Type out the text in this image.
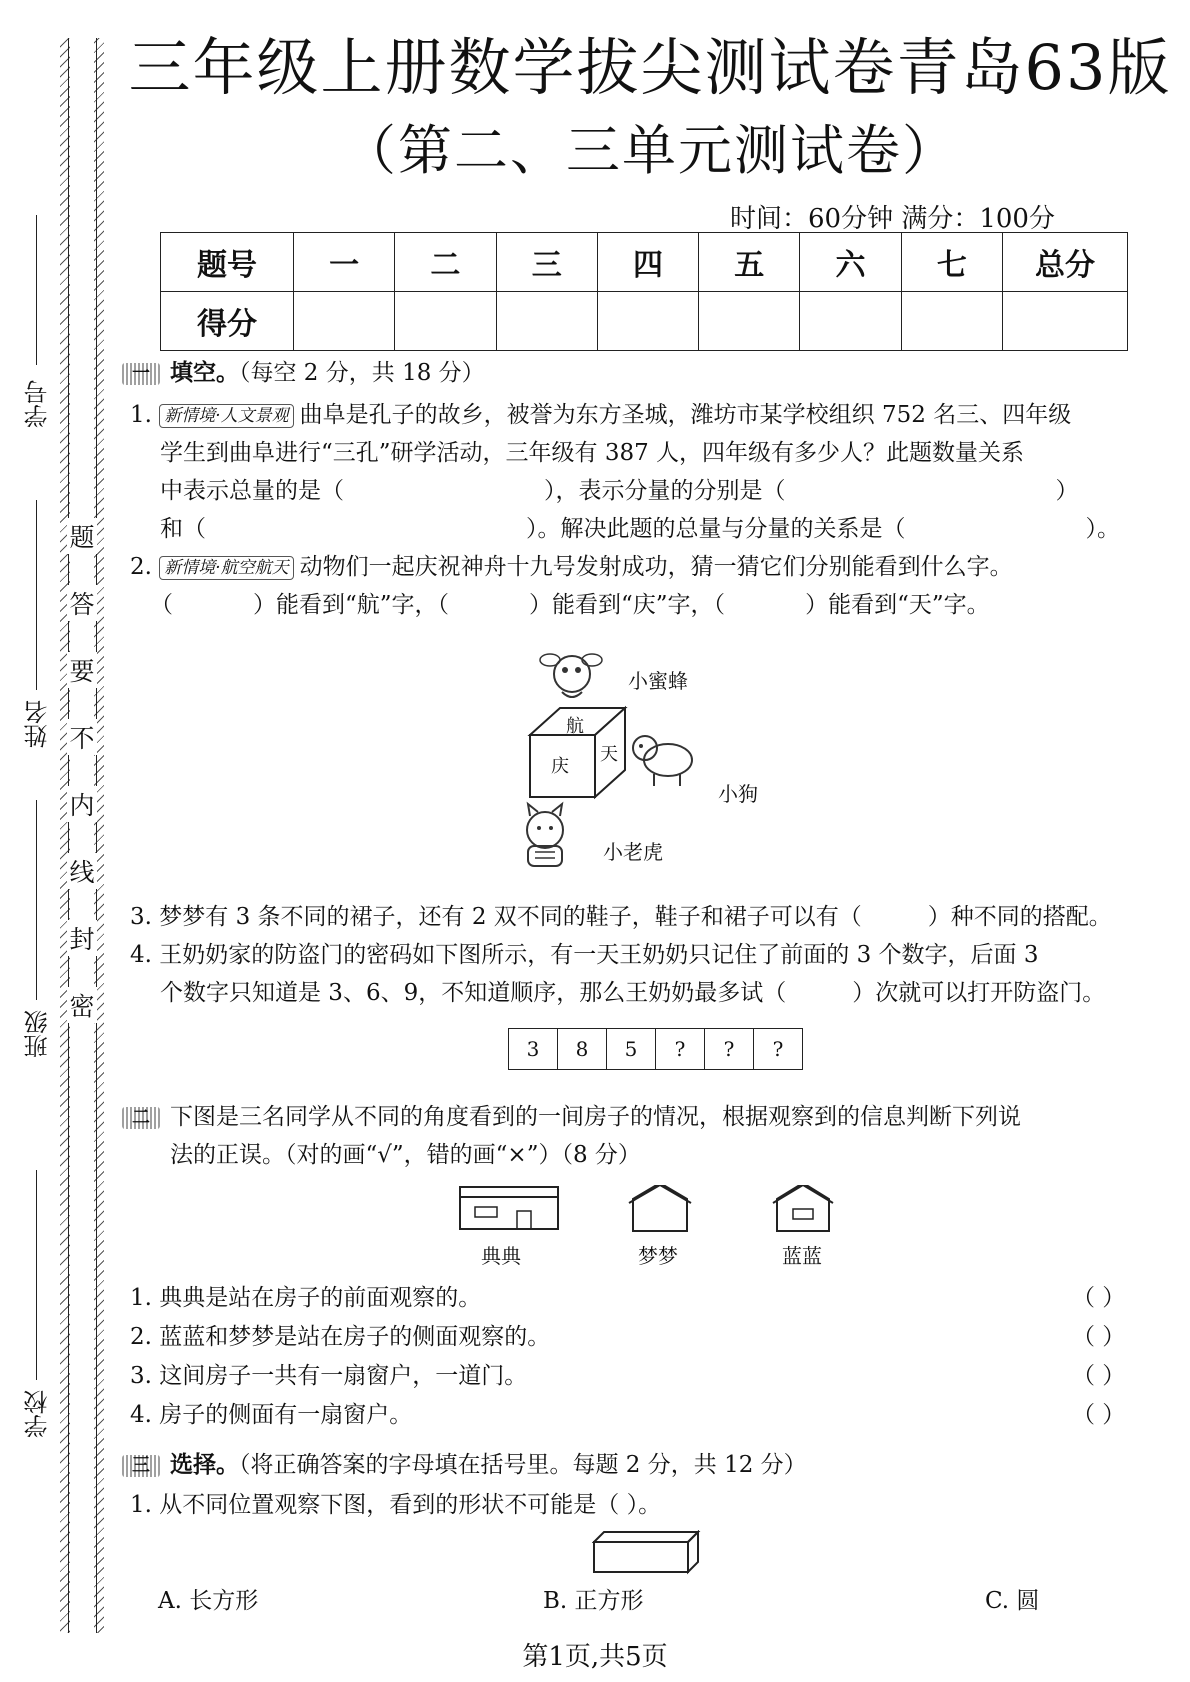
题
答
要
不
内
线
封
密
学号
姓名
班级
学校
三年级上册数学拔尖测试卷青岛63版
（第二、三单元测试卷）
时间：60分钟 满分：100分
题号	一	二	三	四	五	六	七	总分
得分								
一 填空。（每空 2 分，共 18 分）
1. 新情境·人文景观 曲阜是孔子的故乡，被誉为东方圣城，潍坊市某学校组织 752 名三、四年级
学生到曲阜进行“三孔”研学活动，三年级有 387 人，四年级有多少人？此题数量关系
中表示总量的是（	），表示分量的分别是（	）
和（	）。解决此题的总量与分量的关系是（	）。
2. 新情境·航空航天 动物们一起庆祝神舟十九号发射成功，猜一猜它们分别能看到什么字。
（	）能看到“航”字，（	）能看到“庆”字，（	）能看到“天”字。
航
庆
天
小蜜蜂
小狗
小老虎
3. 梦梦有 3 条不同的裙子，还有 2 双不同的鞋子，鞋子和裙子可以有（	）种不同的搭配。
4. 王奶奶家的防盗门的密码如下图所示，有一天王奶奶只记住了前面的 3 个数字，后面 3
个数字只知道是 3、6、9，不知道顺序，那么王奶奶最多试（	）次就可以打开防盗门。
3	8	5	?	?	?
二 下图是三名同学从不同的角度看到的一间房子的情况，根据观察到的信息判断下列说
法的正误。（对的画“√”，错的画“×”）（8 分）
典典	梦梦	蓝蓝
1. 典典是站在房子的前面观察的。
2. 蓝蓝和梦梦是站在房子的侧面观察的。
3. 这间房子一共有一扇窗户，一道门。
4. 房子的侧面有一扇窗户。
（ ）
（ ）
（ ）
（ ）
三 选择。（将正确答案的字母填在括号里。每题 2 分，共 12 分）
1. 从不同位置观察下图，看到的形状不可能是（ ）。
A. 长方形	B. 正方形	C. 圆
第1页,共5页
